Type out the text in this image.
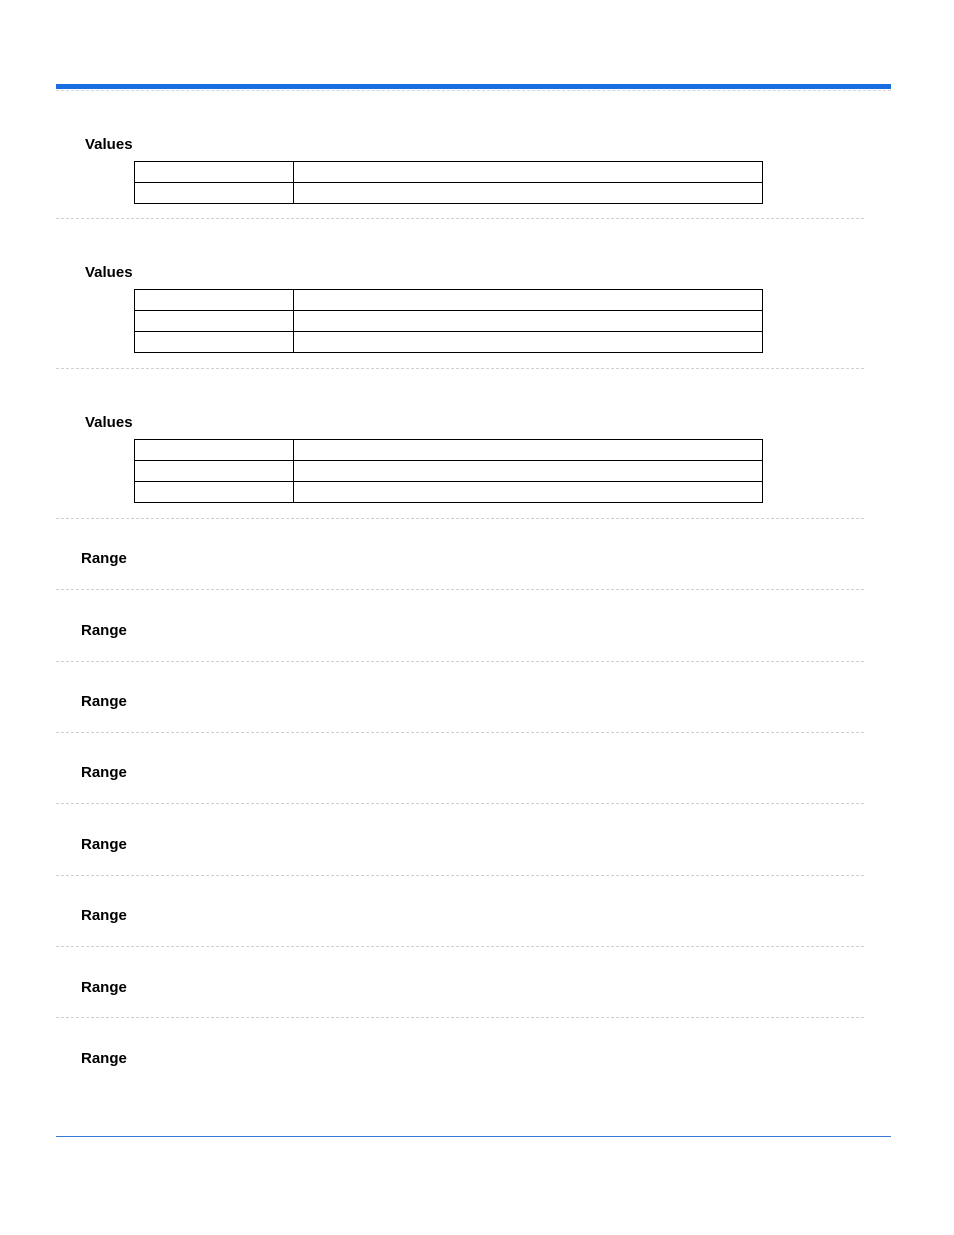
Values

Values

Values

Range
Range
Range
Range
Range
Range
Range
Range
